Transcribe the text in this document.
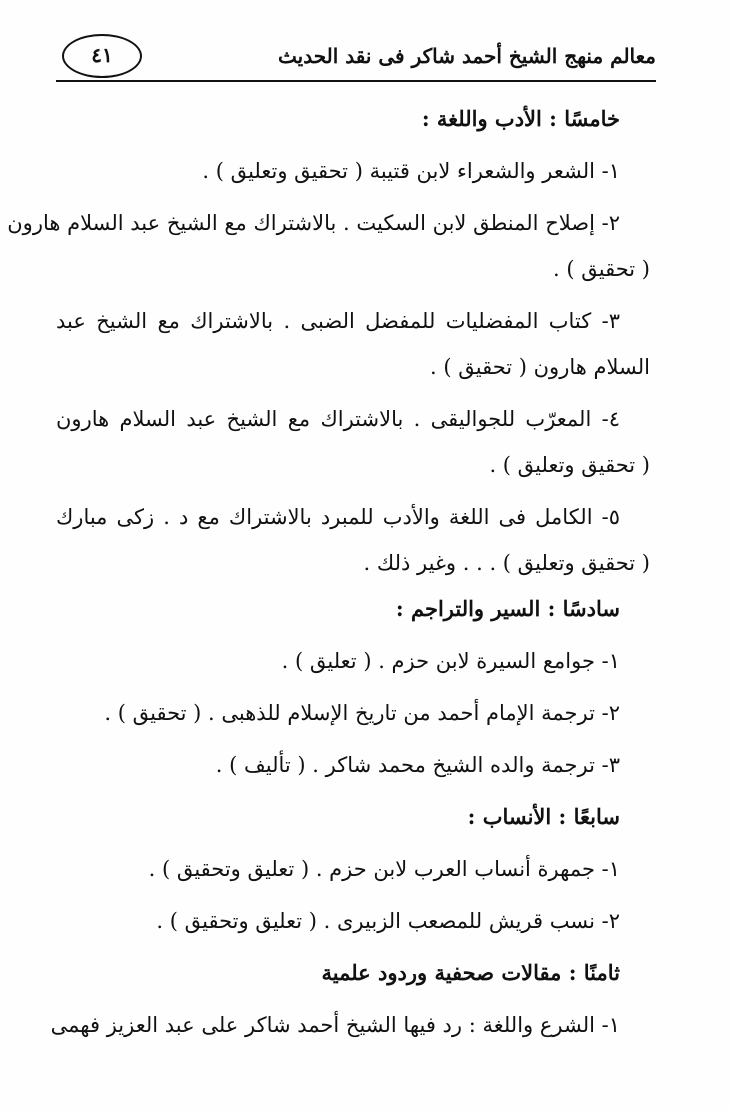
٤١	معالم منهج الشيخ أحمد شاكر فى نقد الحديث
خامسًا : الأدب واللغة :
١- الشعر والشعراء لابن قتيبة ( تحقيق وتعليق ) .
٢- إصلاح المنطق لابن السكيت . بالاشتراك مع الشيخ عبد السلام هارون
( تحقيق ) .
٣- كتاب المفضليات للمفضل الضبى . بالاشتراك مع الشيخ عبد
السلام هارون ( تحقيق ) .
٤- المعرّب للجواليقى . بالاشتراك مع الشيخ عبد السلام هارون
( تحقيق وتعليق ) .
٥- الكامل فى اللغة والأدب للمبرد بالاشتراك مع د . زكى مبارك
( تحقيق وتعليق ) . . . وغير ذلك .
سادسًا : السير والتراجم :
١- جوامع السيرة لابن حزم . ( تعليق ) .
٢- ترجمة الإمام أحمد من تاريخ الإسلام للذهبى . ( تحقيق ) .
٣- ترجمة والده الشيخ محمد شاكر . ( تأليف ) .
سابعًا : الأنساب :
١- جمهرة أنساب العرب لابن حزم . ( تعليق وتحقيق ) .
٢- نسب قريش للمصعب الزبيرى . ( تعليق وتحقيق ) .
ثامنًا : مقالات صحفية وردود علمية
١- الشرع واللغة : رد فيها الشيخ أحمد شاكر على عبد العزيز فهمى
